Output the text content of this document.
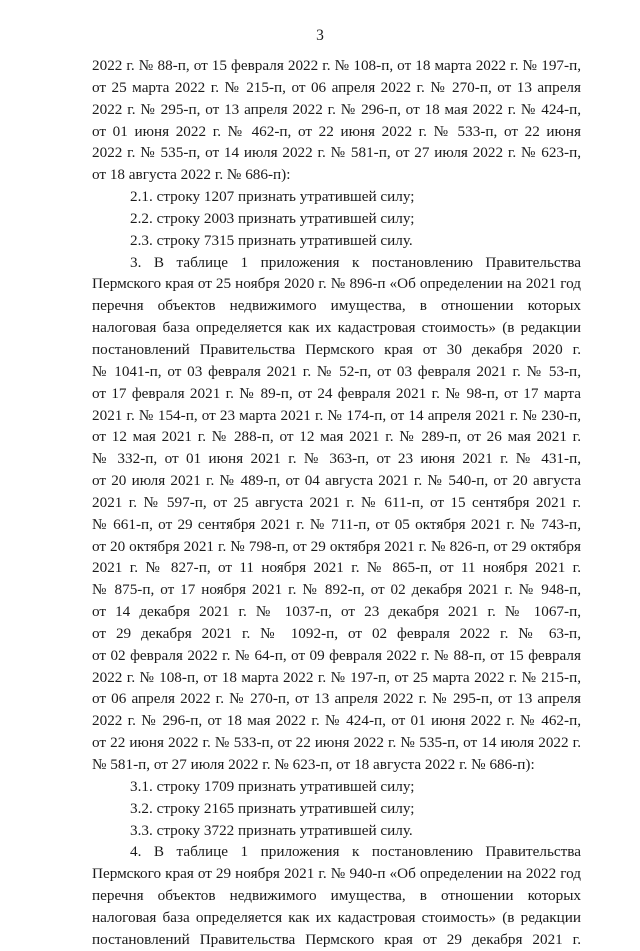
3
2022 г. № 88-п, от 15 февраля 2022 г. № 108-п, от 18 марта 2022 г. № 197-п,
от 25 марта 2022 г. № 215-п, от 06 апреля 2022 г. № 270-п, от 13 апреля
2022 г. № 295-п, от 13 апреля 2022 г. № 296-п, от 18 мая 2022 г. № 424-п,
от 01 июня 2022 г. № 462-п, от 22 июня 2022 г. № 533-п, от 22 июня
2022 г. № 535-п, от 14 июля 2022 г. № 581-п, от 27 июля 2022 г. № 623-п,
от 18 августа 2022 г. № 686-п):
2.1. строку 1207 признать утратившей силу;
2.2. строку 2003 признать утратившей силу;
2.3. строку 7315 признать утратившей силу.
3. В таблице 1 приложения к постановлению Правительства
Пермского края от 25 ноября 2020 г. № 896-п «Об определении на 2021 год
перечня объектов недвижимого имущества, в отношении которых
налоговая база определяется как их кадастровая стоимость» (в редакции
постановлений Правительства Пермского края от 30 декабря 2020 г.
№ 1041-п, от 03 февраля 2021 г. № 52-п, от 03 февраля 2021 г. № 53-п,
от 17 февраля 2021 г. № 89-п, от 24 февраля 2021 г. № 98-п, от 17 марта
2021 г. № 154-п, от 23 марта 2021 г. № 174-п, от 14 апреля 2021 г. № 230-п,
от 12 мая 2021 г. № 288-п, от 12 мая 2021 г. № 289-п, от 26 мая 2021 г.
№ 332-п, от 01 июня 2021 г. № 363-п, от 23 июня 2021 г. № 431-п,
от 20 июля 2021 г. № 489-п, от 04 августа 2021 г. № 540-п, от 20 августа
2021 г. № 597-п, от 25 августа 2021 г. № 611-п, от 15 сентября 2021 г.
№ 661-п, от 29 сентября 2021 г. № 711-п, от 05 октября 2021 г. № 743-п,
от 20 октября 2021 г. № 798-п, от 29 октября 2021 г. № 826-п, от 29 октября
2021 г. № 827-п, от 11 ноября 2021 г. № 865-п, от 11 ноября 2021 г.
№ 875-п, от 17 ноября 2021 г. № 892-п, от 02 декабря 2021 г. № 948-п,
от 14 декабря 2021 г. № 1037-п, от 23 декабря 2021 г. № 1067-п,
от 29 декабря 2021 г. № 1092-п, от 02 февраля 2022 г. № 63-п,
от 02 февраля 2022 г. № 64-п, от 09 февраля 2022 г. № 88-п, от 15 февраля
2022 г. № 108-п, от 18 марта 2022 г. № 197-п, от 25 марта 2022 г. № 215-п,
от 06 апреля 2022 г. № 270-п, от 13 апреля 2022 г. № 295-п, от 13 апреля
2022 г. № 296-п, от 18 мая 2022 г. № 424-п, от 01 июня 2022 г. № 462-п,
от 22 июня 2022 г. № 533-п, от 22 июня 2022 г. № 535-п, от 14 июля 2022 г.
№ 581-п, от 27 июля 2022 г. № 623-п, от 18 августа 2022 г. № 686-п):
3.1. строку 1709 признать утратившей силу;
3.2. строку 2165 признать утратившей силу;
3.3. строку 3722 признать утратившей силу.
4. В таблице 1 приложения к постановлению Правительства
Пермского края от 29 ноября 2021 г. № 940-п «Об определении на 2022 год
перечня объектов недвижимого имущества, в отношении которых
налоговая база определяется как их кадастровая стоимость» (в редакции
постановлений Правительства Пермского края от 29 декабря 2021 г.
